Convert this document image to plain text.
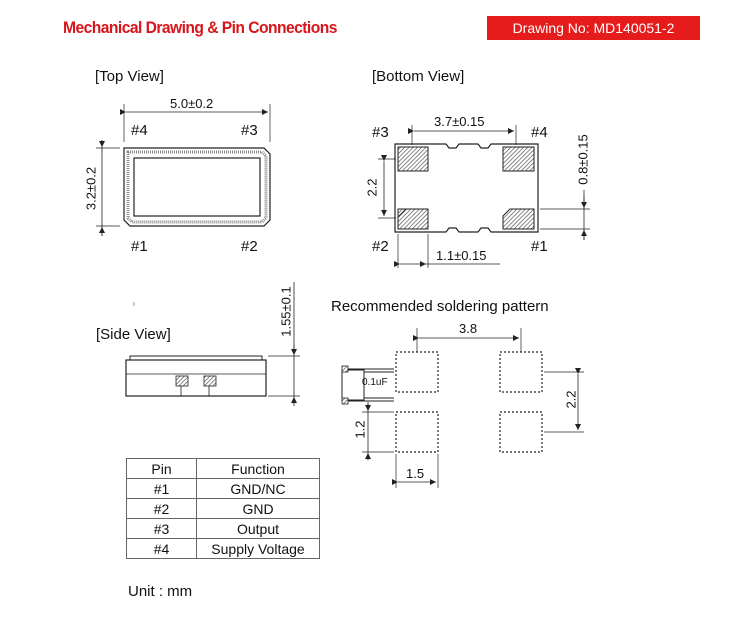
Mechanical Drawing & Pin Connections	Drawing No: MD140051-2
[Top View]
5.0±0.2
3.2±0.2
#4	#3
#1	#2
[Bottom View]
3.7±0.15
0.8±0.15
2.2
1.1±0.15
#3	#4
#2	#1
[Side View]	1.55±0.1	Recommended soldering pattern
3.8
2.2
1.2
1.5
0.1uF
Pin	Function
#1	GND/NC
#2	GND
#3	Output
#4	Supply Voltage
Unit : mm
